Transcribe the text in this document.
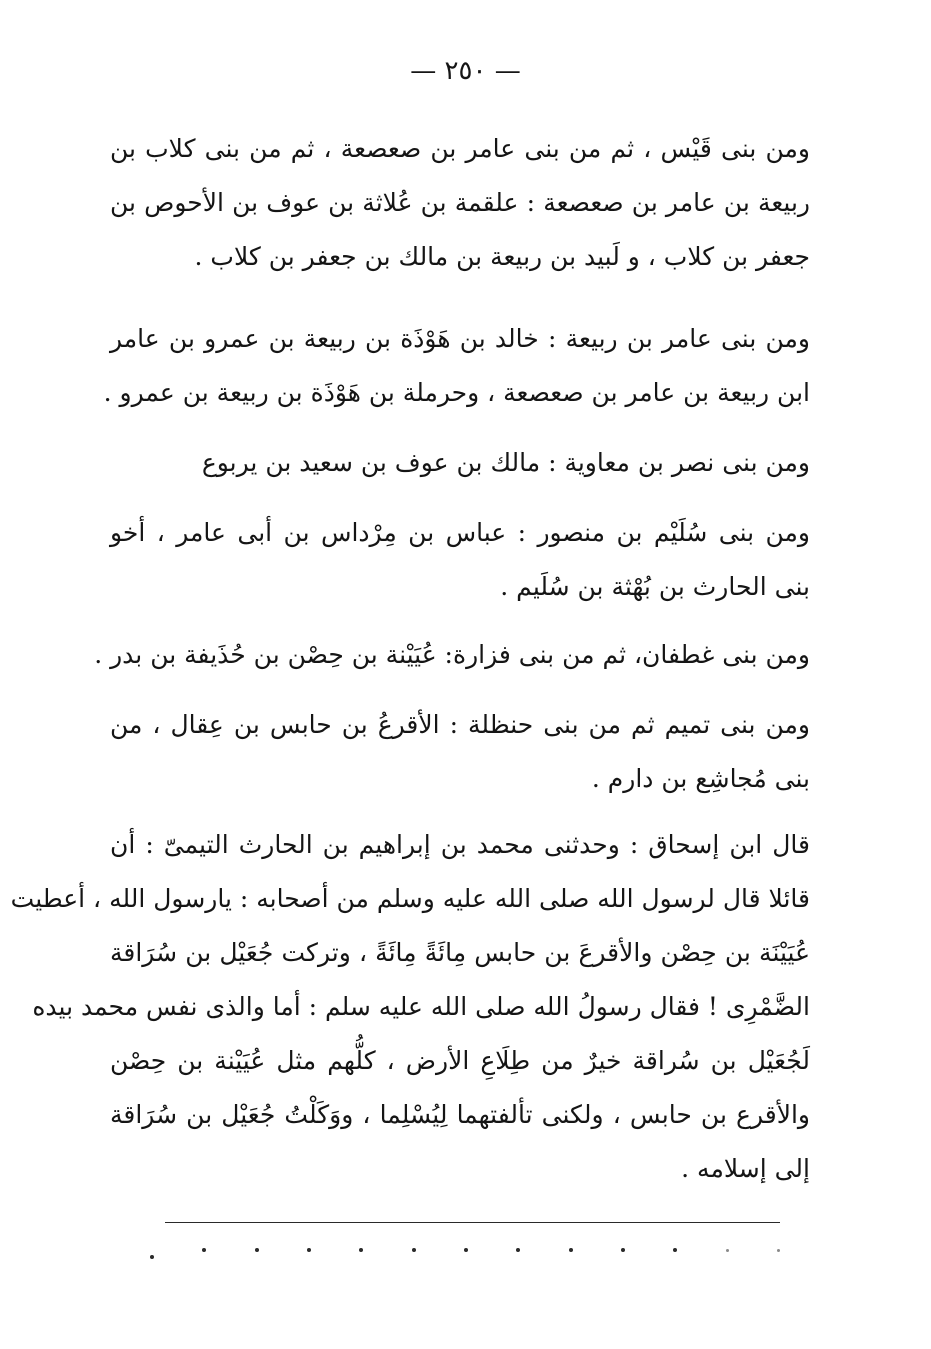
— ٢٥٠ —
ومن بنى قَيْس ، ثم من بنى عامر بن صعصعة ، ثم من بنى كلاب بن
ربيعة بن عامر بن صعصعة : علقمة بن عُلاثة بن عوف بن الأحوص بن
جعفر بن كلاب ، و لَبيد بن ربيعة بن مالك بن جعفر بن كلاب .
ومن بنى عامر بن ربيعة : خالد بن هَوْذَة بن ربيعة بن عمرو بن عامر
ابن ربيعة بن عامر بن صعصعة ، وحرملة بن هَوْذَة بن ربيعة بن عمرو .
ومن بنى نصر بن معاوية : مالك بن عوف بن سعيد بن يربوع
ومن بنى سُلَيْم بن منصور : عباس بن مِرْداس بن أبى عامر ، أخو
بنى الحارث بن بُهْثة بن سُلَيم .
ومن بنى غطفان، ثم من بنى فزارة: عُيَيْنة بن حِصْن بن حُذَيفة بن بدر .
ومن بنى تميم ثم من بنى حنظلة : الأقرعُ بن حابس بن عِقال ، من
بنى مُجاشِع بن دارم .
قال ابن إسحاق : وحدثنى محمد بن إبراهيم بن الحارث التيمىّ : أن
قائلا قال لرسول الله صلى الله عليه وسلم من أصحابه : يارسول الله ، أعطيت
عُيَيْنَة بن حِصْن والأقرعَ بن حابس مِائَةً مِائَةً ، وتركت جُعَيْل بن سُرَاقة
الضَّمْرِى ! فقال رسولُ الله صلى الله عليه سلم : أما والذى نفس محمد بيده
لَجُعَيْل بن سُراقة خيرٌ من طِلَاعِ الأرض ، كلُّهم مثل عُيَيْنة بن حِصْن
والأقرع بن حابس ، ولكنى تألفتهما لِيُسْلِما ، ووَكَلْتُ جُعَيْل بن سُرَاقة
إلى إسلامه .
